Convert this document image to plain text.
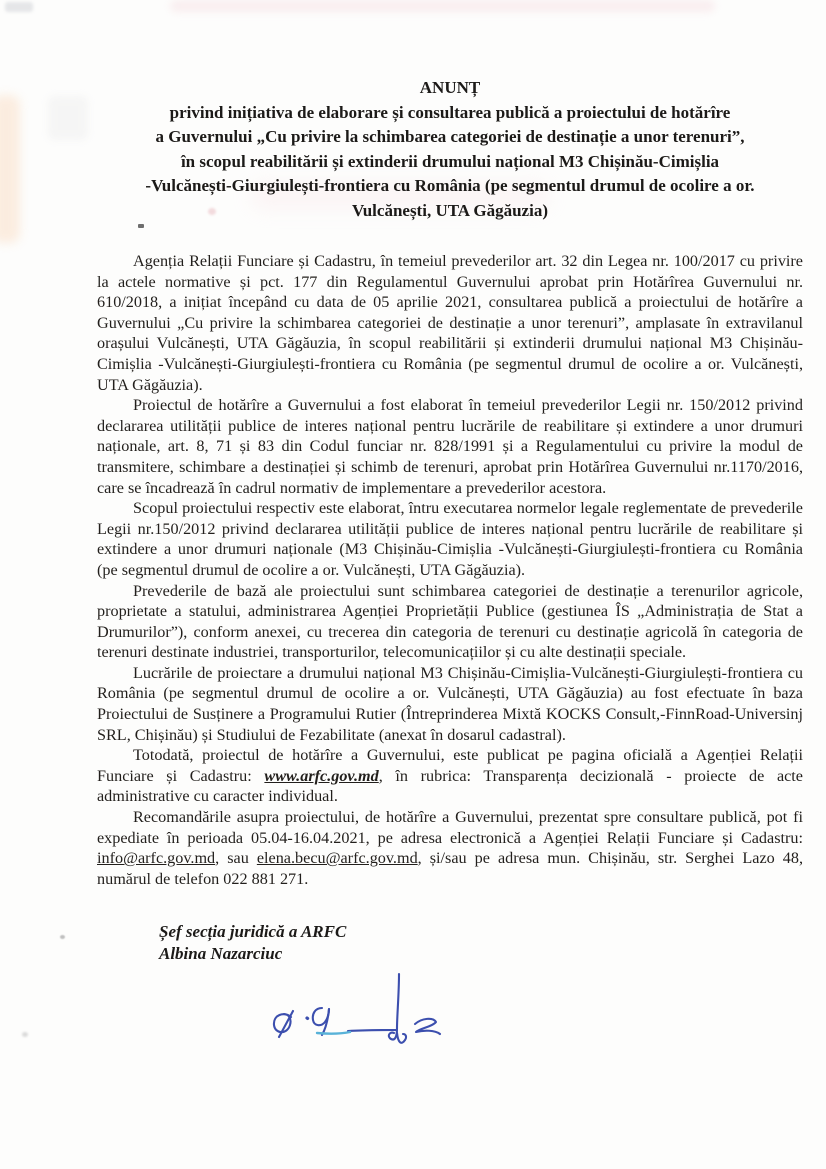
ANUNȚ
privind inițiativa de elaborare și consultarea publică a proiectului de hotărîre
a Guvernului „Cu privire la schimbarea categoriei de destinație a unor terenuri”,
în scopul reabilitării și extinderii drumului național M3 Chișinău-Cimișlia
-Vulcănești-Giurgiulești-frontiera cu România (pe segmentul drumul de ocolire a or.
Vulcănești, UTA Găgăuzia)

Agenția Relații Funciare și Cadastru, în temeiul prevederilor art. 32 din Legea nr. 100/2017 cu privire la actele normative și pct. 177 din Regulamentul Guvernului aprobat prin Hotărîrea Guvernului nr. 610/2018, a inițiat începând cu data de 05 aprilie 2021, consultarea publică a proiectului de hotărîre a Guvernului „Cu privire la schimbarea categoriei de destinație a unor terenuri”, amplasate în extravilanul orașului Vulcănești, UTA Găgăuzia, în scopul reabilitării și extinderii drumului național M3 Chișinău-Cimișlia -Vulcănești-Giurgiulești-frontiera cu România (pe segmentul drumul de ocolire a or. Vulcănești, UTA Găgăuzia).

Proiectul de hotărîre a Guvernului a fost elaborat în temeiul prevederilor Legii nr. 150/2012 privind declararea utilității publice de interes național pentru lucrările de reabilitare și extindere a unor drumuri naționale, art. 8, 71 și 83 din Codul funciar nr. 828/1991 și a Regulamentului cu privire la modul de transmitere, schimbare a destinației și schimb de terenuri, aprobat prin Hotărîrea Guvernului nr.1170/2016, care se încadrează în cadrul normativ de implementare a prevederilor acestora.

Scopul proiectului respectiv este elaborat, întru executarea normelor legale reglementate de prevederile Legii nr.150/2012 privind declararea utilității publice de interes național pentru lucrările de reabilitare și extindere a unor drumuri naționale (M3 Chișinău-Cimișlia -Vulcănești-Giurgiulești-frontiera cu România (pe segmentul drumul de ocolire a or. Vulcănești, UTA Găgăuzia).

Prevederile de bază ale proiectului sunt schimbarea categoriei de destinație a terenurilor agricole, proprietate a statului, administrarea Agenției Proprietății Publice (gestiunea ÎS „Administrația de Stat a Drumurilor”), conform anexei, cu trecerea din categoria de terenuri cu destinație agricolă în categoria de terenuri destinate industriei, transporturilor, telecomunicațiilor și cu alte destinații speciale.

Lucrările de proiectare a drumului național M3 Chișinău-Cimișlia-Vulcănești-Giurgiulești-frontiera cu România (pe segmentul drumul de ocolire a or. Vulcănești, UTA Găgăuzia) au fost efectuate în baza Proiectului de Susținere a Programului Rutier (Întreprinderea Mixtă KOCKS Consult,-FinnRoad-Universinj SRL, Chișinău) și Studiului de Fezabilitate (anexat în dosarul cadastral).

Totodată, proiectul de hotărîre a Guvernului, este publicat pe pagina oficială a Agenției Relații Funciare și Cadastru: www.arfc.gov.md, în rubrica: Transparența decizională - proiecte de acte administrative cu caracter individual.

Recomandările asupra proiectului, de hotărîre a Guvernului, prezentat spre consultare publică, pot fi expediate în perioada 05.04-16.04.2021, pe adresa electronică a Agenției Relații Funciare și Cadastru: info@arfc.gov.md, sau elena.becu@arfc.gov.md, și/sau pe adresa mun. Chișinău, str. Serghei Lazo 48, numărul de telefon 022 881 271.

Șef secția juridică a ARFC
Albina Nazarciuc
